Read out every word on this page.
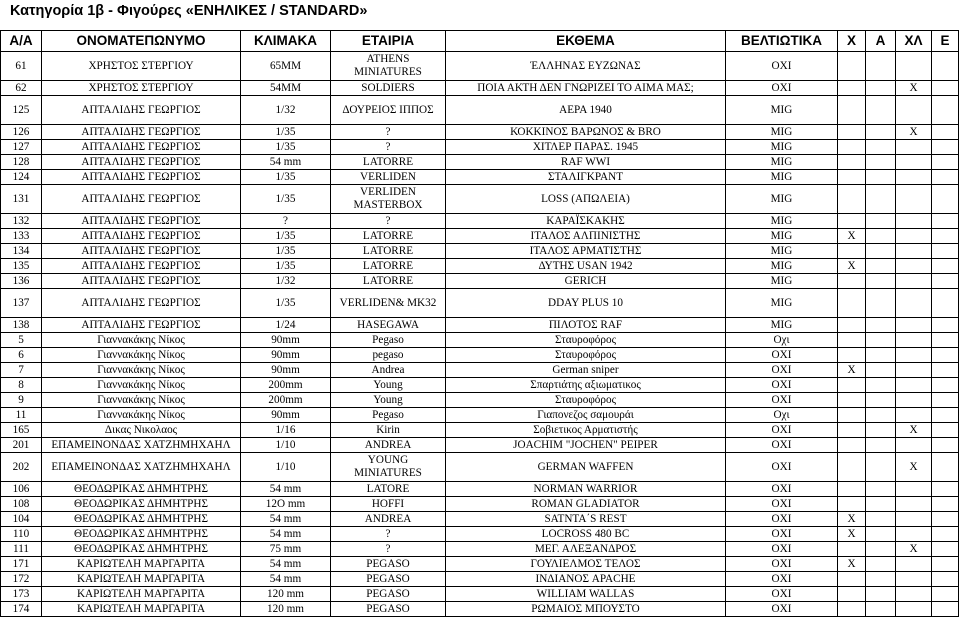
Κατηγορία 1β - Φιγούρες «ΕΝΗΛΙΚΕΣ / STANDARD»
Α/Α	ΟΝΟΜΑΤΕΠΩΝΥΜΟ	ΚΛΙΜΑΚΑ	ΕΤΑΙΡΙΑ	ΕΚΘΕΜΑ	ΒΕΛΤΙΩΤΙΚΑ	Χ	Α	ΧΛ	Ε
61	ΧΡΗΣΤΟΣ ΣΤΕΡΓΙΟΥ	65MM	ATHENS MINIATURES	ΈΛΛΗΝΑΣ ΕΥΖΩΝΑΣ	ΟΧΙ				
62	ΧΡΗΣΤΟΣ ΣΤΕΡΓΙΟΥ	54MM	SOLDIERS	ΠΟΙΑ ΑΚΤΗ ΔΕΝ ΓΝΩΡΙΖΕΙ ΤΟ ΑΙΜΑ ΜΑΣ;	ΟΧΙ			Χ	
125	ΑΠΤΑΛΙΔΗΣ ΓΕΩΡΓΙΟΣ	1/32	ΔΟΥΡΕΙΟΣ ΙΠΠΟΣ	ΑΕΡΑ 1940	MIG				
126	ΑΠΤΑΛΙΔΗΣ ΓΕΩΡΓΙΟΣ	1/35	?	ΚΟΚΚΙΝΟΣ ΒΑΡΩΝΟΣ & BRO	MIG			Χ	
127	ΑΠΤΑΛΙΔΗΣ ΓΕΩΡΓΙΟΣ	1/35	?	ΧΙΤΛΕΡ ΠΑΡΑΣ. 1945	MIG				
128	ΑΠΤΑΛΙΔΗΣ ΓΕΩΡΓΙΟΣ	54 mm	LATORRE	RAF WWI	MIG				
124	ΑΠΤΑΛΙΔΗΣ ΓΕΩΡΓΙΟΣ	1/35	VERLIDEN	ΣΤΑΛΙΓΚΡΑΝΤ	MIG				
131	ΑΠΤΑΛΙΔΗΣ ΓΕΩΡΓΙΟΣ	1/35	VERLIDEN MASTERBOX	LOSS (ΑΠΩΛΕΙΑ)	MIG				
132	ΑΠΤΑΛΙΔΗΣ ΓΕΩΡΓΙΟΣ	?	?	ΚΑΡΑΪΣΚΑΚΗΣ	MIG				
133	ΑΠΤΑΛΙΔΗΣ ΓΕΩΡΓΙΟΣ	1/35	LATORRE	ΙΤΑΛΟΣ ΑΛΠΙΝΙΣΤΗΣ	MIG	Χ			
134	ΑΠΤΑΛΙΔΗΣ ΓΕΩΡΓΙΟΣ	1/35	LATORRE	ΙΤΑΛΟΣ ΑΡΜΑΤΙΣΤΗΣ	MIG				
135	ΑΠΤΑΛΙΔΗΣ ΓΕΩΡΓΙΟΣ	1/35	LATORRE	ΔΥΤΗΣ USAN 1942	MIG	Χ			
136	ΑΠΤΑΛΙΔΗΣ ΓΕΩΡΓΙΟΣ	1/32	LATORRE	GERICH	MIG				
137	ΑΠΤΑΛΙΔΗΣ ΓΕΩΡΓΙΟΣ	1/35	VERLIDEN& MK32	DDAY PLUS 10	MIG				
138	ΑΠΤΑΛΙΔΗΣ ΓΕΩΡΓΙΟΣ	1/24	HASEGAWA	ΠΙΛΟΤΟΣ RAF	MIG				
5	Γιαννακάκης Νίκος	90mm	Pegaso	Σταυροφόρος	Οχι				
6	Γιαννακάκης Νίκος	90mm	pegaso	Σταυροφόρος	ΟΧΙ				
7	Γιαννακάκης Νίκος	90mm	Andrea	German sniper	ΟΧΙ	Χ			
8	Γιαννακάκης Νίκος	200mm	Young	Σπαρτιάτης αξιωματικος	ΟΧΙ				
9	Γιαννακάκης Νίκος	200mm	Young	Σταυροφόρος	ΟΧΙ				
11	Γιαννακάκης Νίκος	90mm	Pegaso	Γιαπονεζος σαμουράι	Οχι				
165	Δικας Νικολαος	1/16	Kirin	Σοβιετικος Αρματιστής	ΟΧΙ			Χ	
201	ΕΠΑΜΕΙΝΟΝΔΑΣ ΧΑΤΖΗΜΗΧΑΗΛ	1/10	ANDREA	JOACHIM "JOCHEN" PEIPER	ΟΧΙ				
202	ΕΠΑΜΕΙΝΟΝΔΑΣ ΧΑΤΖΗΜΗΧΑΗΛ	1/10	YOUNG MINIATURES	GERMAN WAFFEN	ΟΧΙ			Χ	
106	ΘΕΟΔΩΡΙΚΑΣ ΔΗΜΗΤΡΗΣ	54 mm	LATORE	NORMAN WARRIOR	ΟΧΙ				
108	ΘΕΟΔΩΡΙΚΑΣ ΔΗΜΗΤΡΗΣ	12O mm	HOFFI	ROMAN GLADIATOR	ΟΧΙ				
104	ΘΕΟΔΩΡΙΚΑΣ ΔΗΜΗΤΡΗΣ	54 mm	ANDREA	SATNTA΄S REST	ΟΧΙ	Χ			
110	ΘΕΟΔΩΡΙΚΑΣ ΔΗΜΗΤΡΗΣ	54 mm	?	LOCROSS 480 BC	ΟΧΙ	Χ			
111	ΘΕΟΔΩΡΙΚΑΣ ΔΗΜΗΤΡΗΣ	75 mm	?	ΜΕΓ. ΑΛΕΞΑΝΔΡΟΣ	ΟΧΙ			Χ	
171	ΚΑΡΙΩΤΕΛΗ ΜΑΡΓΑΡΙΤΑ	54 mm	PEGASO	ΓΟΥΛΙΕΛΜΟΣ ΤΕΛΟΣ	ΟΧΙ	Χ			
172	ΚΑΡΙΩΤΕΛΗ ΜΑΡΓΑΡΙΤΑ	54 mm	PEGASO	ΙΝΔΙΑΝΟΣ APACHE	ΟΧΙ				
173	ΚΑΡΙΩΤΕΛΗ ΜΑΡΓΑΡΙΤΑ	120 mm	PEGASO	WILLIAM WALLAS	ΟΧΙ				
174	ΚΑΡΙΩΤΕΛΗ ΜΑΡΓΑΡΙΤΑ	120 mm	PEGASO	ΡΩΜΑΙΟΣ ΜΠΟΥΣΤΟ	ΟΧΙ				
